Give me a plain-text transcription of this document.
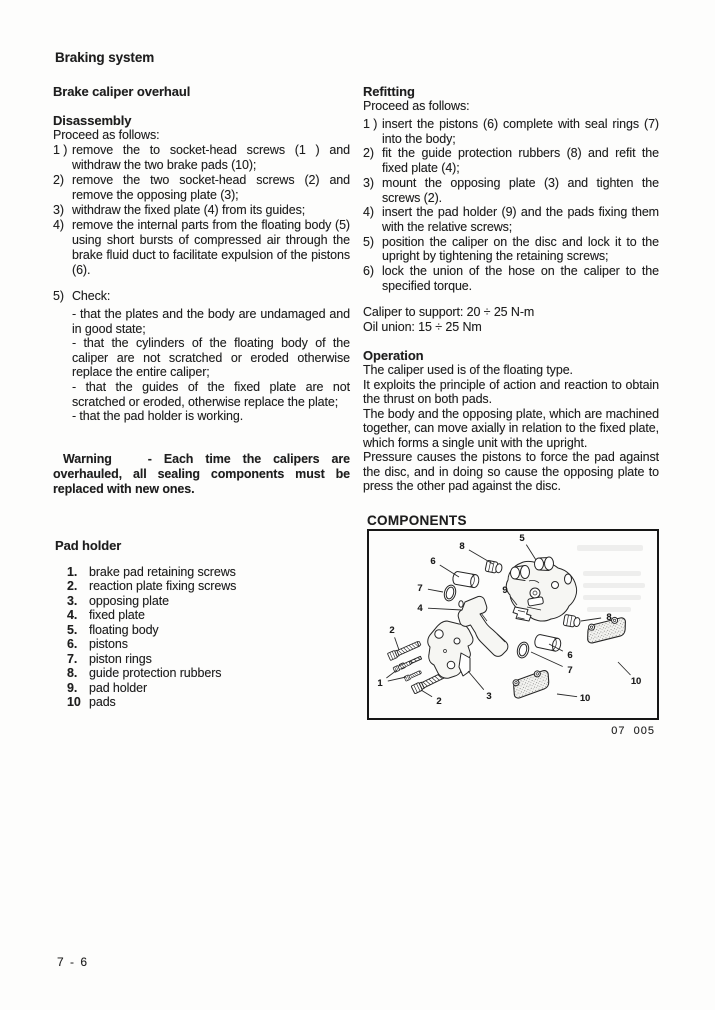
Braking system
Brake caliper overhaul
Disassembly
Proceed as follows:
1 ) remove the to socket-head screws (1 ) and withdraw the two brake pads (10);
2) remove the two socket-head screws (2) and remove the opposing plate (3);
3) withdraw the fixed plate (4) from its guides;
4) remove the internal parts from the floating body (5) using short bursts of compressed air through the brake fluid duct to facilitate expulsion of the pistons (6).
5) Check:
- that the plates and the body are undamaged and in good state;
- that the cylinders of the floating body of the caliper are not scratched or eroded otherwise replace the entire caliper;
- that the guides of the fixed plate are not scratched or eroded, otherwise replace the plate;
- that the pad holder is working.
Warning   - Each time the calipers are overhauled, all sealing components must be replaced with new ones.
Pad holder
1. brake pad retaining screws
2. reaction plate fixing screws
3. opposing plate
4. fixed plate
5. floating body
6. pistons
7. piston rings
8. guide protection rubbers
9. pad holder
10 pads
Refitting
Proceed as follows:
1 ) insert the pistons (6) complete with seal rings (7) into the body;
2) fit the guide protection rubbers (8) and refit the fixed plate (4);
3) mount the opposing plate (3) and tighten the screws (2).
4) insert the pad holder (9) and the pads fixing them with the relative screws;
5) position the caliper on the disc and lock it to the upright by tightening the retaining screws;
6) lock the union of the hose on the caliper to the specified torque.
Caliper to support: 20 ÷ 25 N-m
Oil union: 15 ÷ 25 Nm
Operation

The caliper used is of the floating type.

It exploits the principle of action and reaction to obtain the thrust on both pads.

The body and the opposing plate, which are machined together, can move axially in relation to the fixed plate, which forms a single unit with the upright.

Pressure causes the pistons to force the pad against the disc, and in doing so cause the opposing plate to press the other pad against the disc.

COMPONENTS
8
5
6
7	9
4
2
1
2	3
8
6
7
10
10
07  005
7 - 6
